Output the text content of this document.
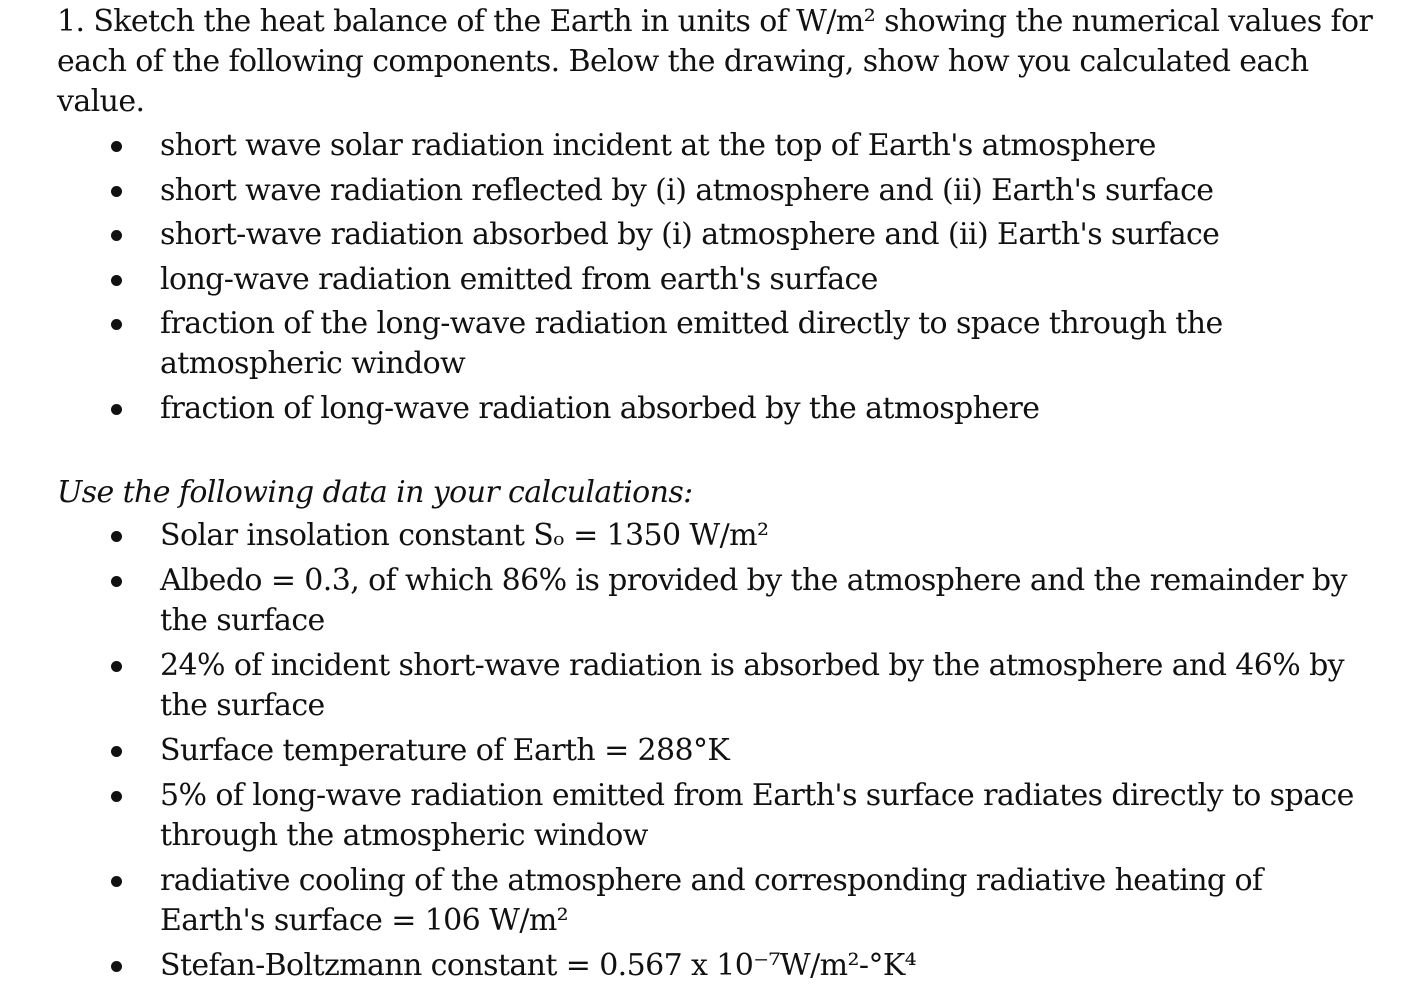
1. Sketch the heat balance of the Earth in units of W/m² showing the numerical values for each of the following components. Below the drawing, show how you calculated each value.

short wave solar radiation incident at the top of Earth's atmosphere
short wave radiation reflected by (i) atmosphere and (ii) Earth's surface
short-wave radiation absorbed by (i) atmosphere and (ii) Earth's surface
long-wave radiation emitted from earth's surface
fraction of the long-wave radiation emitted directly to space through the atmospheric window
fraction of long-wave radiation absorbed by the atmosphere

Use the following data in your calculations:

Solar insolation constant Sₒ = 1350 W/m²
Albedo = 0.3, of which 86% is provided by the atmosphere and the remainder by the surface
24% of incident short-wave radiation is absorbed by the atmosphere and 46% by the surface
Surface temperature of Earth = 288°K
5% of long-wave radiation emitted from Earth's surface radiates directly to space through the atmospheric window
radiative cooling of the atmosphere and corresponding radiative heating of Earth's surface = 106 W/m²
Stefan-Boltzmann constant = 0.567 x 10⁻⁷W/m²-°K⁴
